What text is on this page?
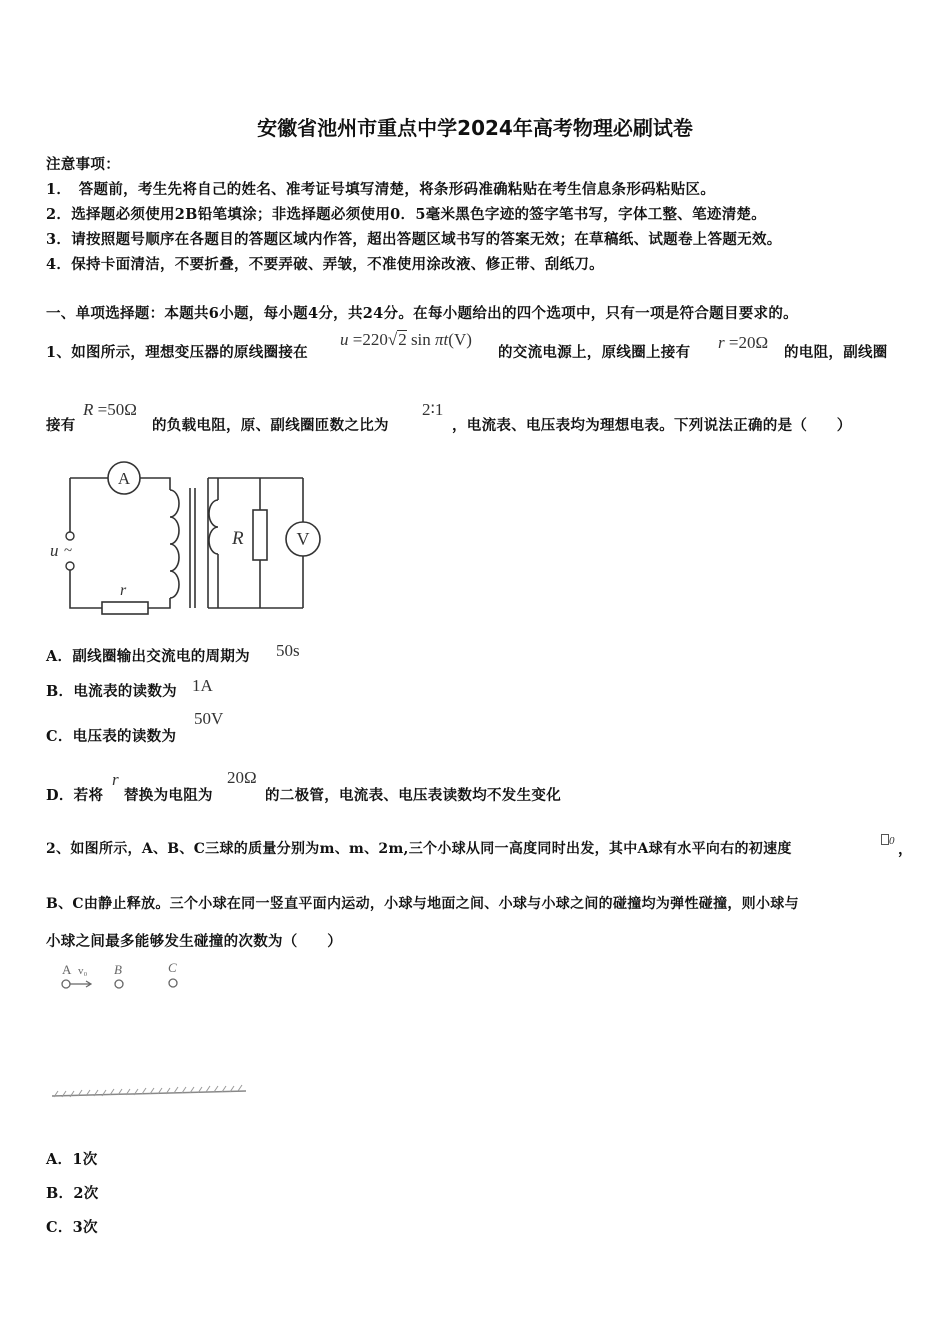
安徽省池州市重点中学2024年高考物理必刷试卷
注意事项：
1．　答题前，考生先将自己的姓名、准考证号填写清楚，将条形码准确粘贴在考生信息条形码粘贴区。
2．选择题必须使用2B铅笔填涂；非选择题必须使用0．5毫米黑色字迹的签字笔书写，字体工整、笔迹清楚。
3．请按照题号顺序在各题目的答题区域内作答，超出答题区域书写的答案无效；在草稿纸、试题卷上答题无效。
4．保持卡面清洁，不要折叠，不要弄破、弄皱，不准使用涂改液、修正带、刮纸刀。
一、单项选择题：本题共6小题，每小题4分，共24分。在每小题给出的四个选项中，只有一项是符合题目要求的。
1、如图所示，理想变压器的原线圈接在
u =220√2 sin πt(V)
的交流电源上，原线圈上接有
r =20Ω
的电阻，副线圈
接有
R =50Ω
的负载电阻，原、副线圈匝数之比为
2∶1
，电流表、电压表均为理想电表。下列说法正确的是（　　）
A
u ~
r
R	V
A．副线圈输出交流电的周期为 50s
B．电流表的读数为 1A
C．电压表的读数为
50V
D．若将
r
替换为电阻为
20Ω
的二极管，电流表、电压表读数均不发生变化
2、如图所示，A、B、C三球的质量分别为m、m、2m,三个小球从同一高度同时出发，其中A球有水平向右的初速度	0 ，
B、C由静止释放。三个小球在同一竖直平面内运动，小球与地面之间、小球与小球之间的碰撞均为弹性碰撞，则小球与
小球之间最多能够发生碰撞的次数为（　　）
A v₀ B	C
A．1次
B．2次
C．3次
